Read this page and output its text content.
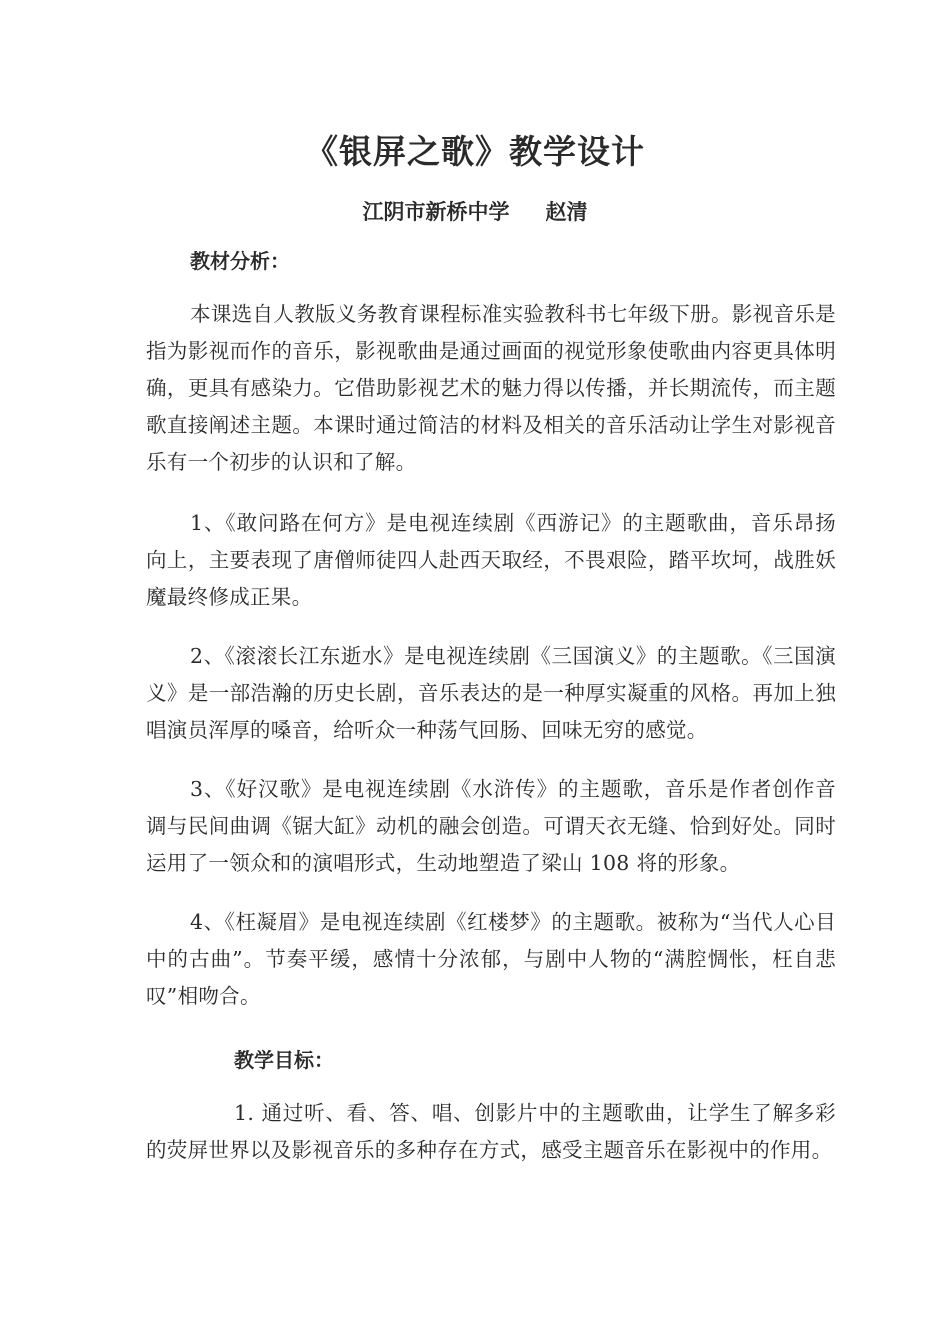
《银屏之歌》教学设计
江阴市新桥中学 赵清
教材分析：

本课选自人教版义务教育课程标准实验教科书七年级下册。影视音乐是指为影视而作的音乐，影视歌曲是通过画面的视觉形象使歌曲内容更具体明确，更具有感染力。它借助影视艺术的魅力得以传播，并长期流传，而主题歌直接阐述主题。本课时通过简洁的材料及相关的音乐活动让学生对影视音乐有一个初步的认识和了解。

1、《敢问路在何方》是电视连续剧《西游记》的主题歌曲，音乐昂扬向上，主要表现了唐僧师徒四人赴西天取经，不畏艰险，踏平坎坷，战胜妖魔最终修成正果。

2、《滚滚长江东逝水》是电视连续剧《三国演义》的主题歌。《三国演义》是一部浩瀚的历史长剧，音乐表达的是一种厚实凝重的风格。再加上独唱演员浑厚的嗓音，给听众一种荡气回肠、回味无穷的感觉。

3、《好汉歌》是电视连续剧《水浒传》的主题歌，音乐是作者创作音调与民间曲调《锯大缸》动机的融会创造。可谓天衣无缝、恰到好处。同时运用了一领众和的演唱形式，生动地塑造了梁山 108 将的形象。

4、《枉凝眉》是电视连续剧《红楼梦》的主题歌。被称为“当代人心目中的古曲”。节奏平缓，感情十分浓郁，与剧中人物的“满腔惆怅，枉自悲叹”相吻合。

教学目标：

1. 通过听、看、答、唱、创影片中的主题歌曲，让学生了解多彩的荧屏世界以及影视音乐的多种存在方式，感受主题音乐在影视中的作用。
